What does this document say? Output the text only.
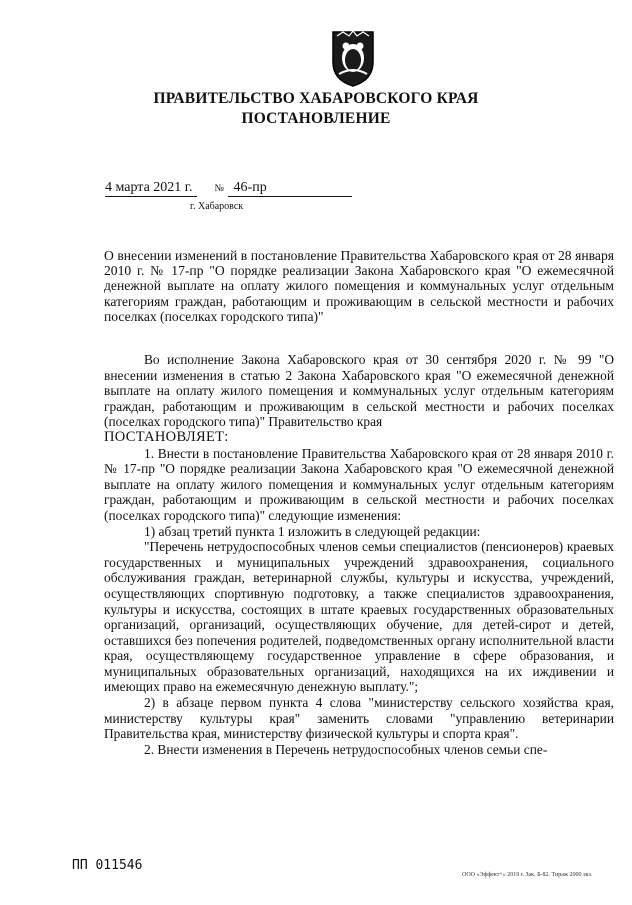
ПРАВИТЕЛЬСТВО ХАБАРОВСКОГО КРАЯ
ПОСТАНОВЛЕНИЕ
4 марта 2021 г. № 46-пр
г. Хабаровск
О внесении изменений в постановление Правительства Хабаровского края от 28 января 2010 г. № 17-пр "О порядке реализации Закона Хабаровского края "О ежемесячной денежной выплате на оплату жилого помещения и коммунальных услуг отдельным категориям граждан, работающим и проживающим в сельской местности и рабочих поселках (поселках городского типа)"

Во исполнение Закона Хабаровского края от 30 сентября 2020 г. № 99 "О внесении изменения в статью 2 Закона Хабаровского края "О ежемесячной денежной выплате на оплату жилого помещения и коммунальных услуг отдельным категориям граждан, работающим и проживающим в сельской местности и рабочих поселках (поселках городского типа)" Правительство края

ПОСТАНОВЛЯЕТ:

1. Внести в постановление Правительства Хабаровского края от 28 января 2010 г. № 17-пр "О порядке реализации Закона Хабаровского края "О ежемесячной денежной выплате на оплату жилого помещения и коммунальных услуг отдельным категориям граждан, работающим и проживающим в сельской местности и рабочих поселках (поселках городского типа)" следующие изменения:

1) абзац третий пункта 1 изложить в следующей редакции:

"Перечень нетрудоспособных членов семьи специалистов (пенсионеров) краевых государственных и муниципальных учреждений здравоохранения, социального обслуживания граждан, ветеринарной службы, культуры и искусства, учреждений, осуществляющих спортивную подготовку, а также специалистов здравоохранения, культуры и искусства, состоящих в штате краевых государственных образовательных организаций, организаций, осуществляющих обучение, для детей-сирот и детей, оставшихся без попечения родителей, подведомственных органу исполнительной власти края, осуществляющему государственное управление в сфере образования, и муниципальных образовательных организаций, находящихся на их иждивении и имеющих право на ежемесячную денежную выплату.";

2) в абзаце первом пункта 4 слова "министерству сельского хозяйства края, министерству культуры края" заменить словами "управлению ветеринарии Правительства края, министерству физической культуры и спорта края".

2. Внести изменения в Перечень нетрудоспособных членов семьи спе-

ПП 011546
ООО «Эффект+» 2019 г. Зак. Б-82. Тираж 2000 экз.
